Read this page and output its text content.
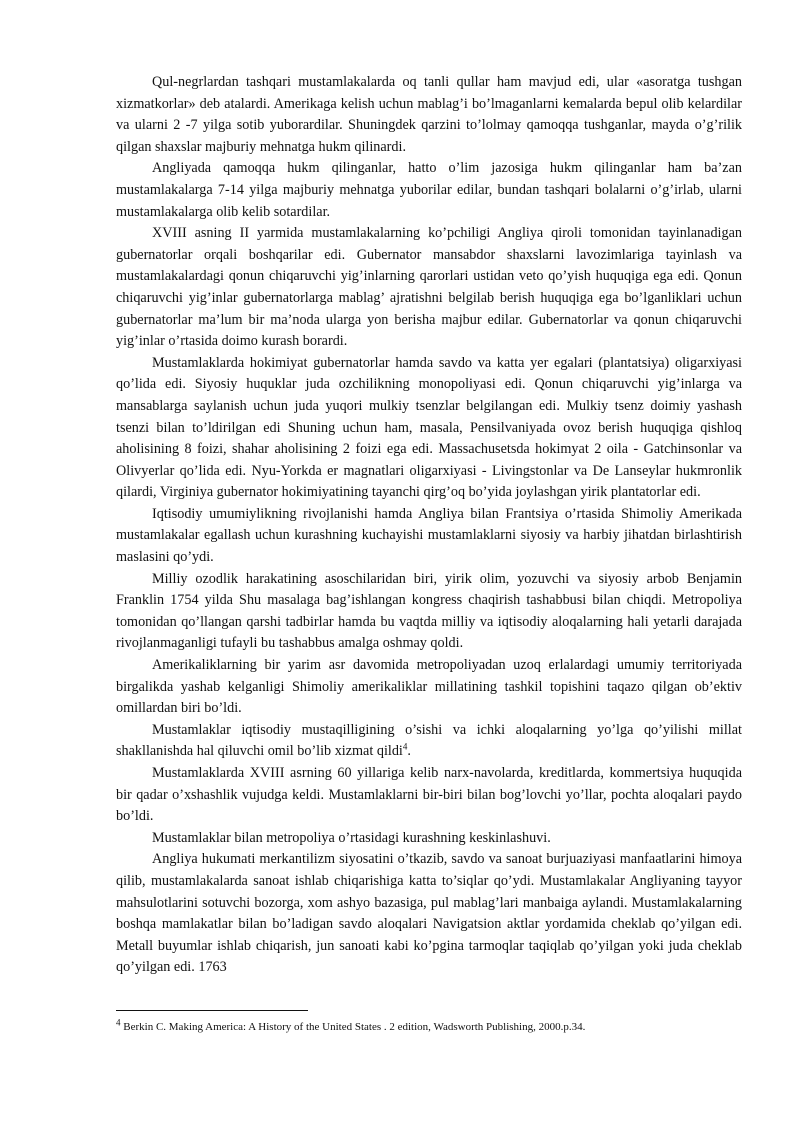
Qul-negrlardan tashqari mustamlakalarda oq tanli qullar ham mavjud edi, ular «asoratga tushgan xizmatkorlar» deb atalardi. Amerikaga kelish uchun mablag’i bo’lmaganlarni kemalarda bepul olib kelardilar va ularni 2 -7 yilga sotib yuborardilar. Shuningdek qarzini to’lolmay qamoqqa tushganlar, mayda o’g’rilik qilgan shaxslar majburiy mehnatga hukm qilinardi.

Angliyada qamoqqa hukm qilinganlar, hatto o’lim jazosiga hukm qilinganlar ham ba’zan mustamlakalarga 7-14 yilga majburiy mehnatga yuborilar edilar, bundan tashqari bolalarni o’g’irlab, ularni mustamlakalarga olib kelib sotardilar.

XVIII asning II yarmida mustamlakalarning ko’pchiligi Angliya qiroli tomonidan tayinlanadigan gubernatorlar orqali boshqarilar edi. Gubernator mansabdor shaxslarni lavozimlariga tayinlash va mustamlakalardagi qonun chiqaruvchi yig’inlarning qarorlari ustidan veto qo’yish huquqiga ega edi. Qonun chiqaruvchi yig’inlar gubernatorlarga mablag’ ajratishni belgilab berish huquqiga ega bo’lganliklari uchun gubernatorlar ma’lum bir ma’noda ularga yon berisha majbur edilar. Gubernatorlar va qonun chiqaruvchi yig’inlar o’rtasida doimo kurash borardi.

Mustamlaklarda hokimiyat gubernatorlar hamda savdo va katta yer egalari (plantatsiya) oligarxiyasi qo’lida edi. Siyosiy huquklar juda ozchilikning monopoliyasi edi. Qonun chiqaruvchi yig’inlarga va mansablarga saylanish uchun juda yuqori mulkiy tsenzlar belgilangan edi. Mulkiy tsenz doimiy yashash tsenzi bilan to’ldirilgan edi Shuning uchun ham, masala, Pensilvaniyada ovoz berish huquqiga qishloq aholisining 8 foizi, shahar aholisining 2 foizi ega edi. Massachusetsda hokimyat 2 oila - Gatchinsonlar va Olivyerlar qo’lida edi. Nyu-Yorkda er magnatlari oligarxiyasi - Livingstonlar va De Lanseylar hukmronlik qilardi, Virginiya gubernator hokimiyatining tayanchi qirg’oq bo’yida joylashgan yirik plantatorlar edi.

Iqtisodiy umumiylikning rivojlanishi hamda Angliya bilan Frantsiya o’rtasida Shimoliy Amerikada mustamlakalar egallash uchun kurashning kuchayishi mustamlaklarni siyosiy va harbiy jihatdan birlashtirish maslasini qo’ydi.

Milliy ozodlik harakatining asoschilaridan biri, yirik olim, yozuvchi va siyosiy arbob Benjamin Franklin 1754 yilda Shu masalaga bag’ishlangan kongress chaqirish tashabbusi bilan chiqdi. Metropoliya tomonidan qo’llangan qarshi tadbirlar hamda bu vaqtda milliy va iqtisodiy aloqalarning hali yetarli darajada rivojlanmaganligi tufayli bu tashabbus amalga oshmay qoldi.

Amerikaliklarning bir yarim asr davomida metropoliyadan uzoq erlalardagi umumiy territoriyada birgalikda yashab kelganligi Shimoliy amerikaliklar millatining tashkil topishini taqazo qilgan ob’ektiv omillardan biri bo’ldi.

Mustamlaklar iqtisodiy mustaqilligining o’sishi va ichki aloqalarning yo’lga qo’yilishi millat shakllanishda hal qiluvchi omil bo’lib xizmat qildi$^4$.

Mustamlaklarda XVIII asrning 60 yillariga kelib narx-navolarda, kreditlarda, kommertsiya huquqida bir qadar o’xshashlik vujudga keldi. Mustamlaklarni bir-biri bilan bog’lovchi yo’llar, pochta aloqalari paydo bo’ldi.

Mustamlaklar bilan metropoliya o’rtasidagi kurashning keskinlashuvi.

Angliya hukumati merkantilizm siyosatini o’tkazib, savdo va sanoat burjuaziyasi manfaatlarini himoya qilib, mustamlakalarda sanoat ishlab chiqarishiga katta to’siqlar qo’ydi. Mustamlakalar Angliyaning tayyor mahsulotlarini sotuvchi bozorga, xom ashyo bazasiga, pul mablag’lari manbaiga aylandi. Mustamlakalarning boshqa mamlakatlar bilan bo’ladigan savdo aloqalari Navigatsion aktlar yordamida cheklab qo’yilgan edi. Metall buyumlar ishlab chiqarish, jun sanoati kabi ko’pgina tarmoqlar taqiqlab qo’yilgan yoki juda cheklab qo’yilgan edi. 1763

$^4$ Berkin C. Making America: A History of the United States . 2 edition, Wadsworth Publishing, 2000.p.34.
